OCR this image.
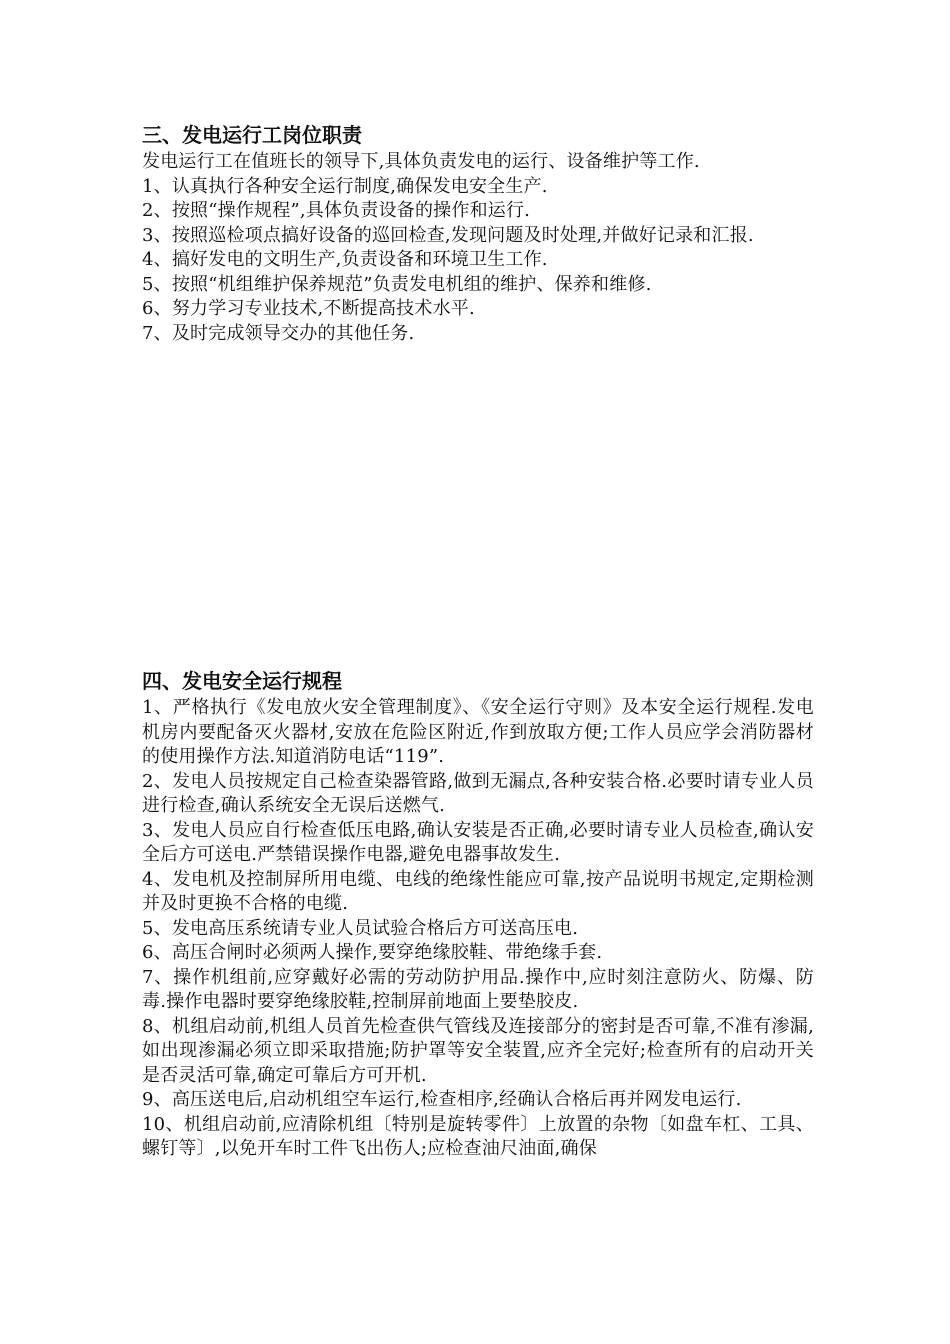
三、发电运行工岗位职责

发电运行工在值班长的领导下,具体负责发电的运行、设备维护等工作.

1、认真执行各种安全运行制度,确保发电安全生产.

2、按照“操作规程”,具体负责设备的操作和运行.

3、按照巡检项点搞好设备的巡回检查,发现问题及时处理,并做好记录和汇报.

4、搞好发电的文明生产,负责设备和环境卫生工作.

5、按照“机组维护保养规范”负责发电机组的维护、保养和维修.

6、努力学习专业技术,不断提高技术水平.

7、及时完成领导交办的其他任务.

四、发电安全运行规程

1、严格执行《发电放火安全管理制度》、《安全运行守则》及本安全运行规程.发电机房内要配备灭火器材,安放在危险区附近,作到放取方便;工作人员应学会消防器材的使用操作方法.知道消防电话“119”.

2、发电人员按规定自己检查染器管路,做到无漏点,各种安装合格.必要时请专业人员进行检查,确认系统安全无误后送燃气.

3、发电人员应自行检查低压电路,确认安装是否正确,必要时请专业人员检查,确认安全后方可送电.严禁错误操作电器,避免电器事故发生.

4、发电机及控制屏所用电缆、电线的绝缘性能应可靠,按产品说明书规定,定期检测并及时更换不合格的电缆.

5、发电高压系统请专业人员试验合格后方可送高压电.

6、高压合闸时必须两人操作,要穿绝缘胶鞋、带绝缘手套.

7、操作机组前,应穿戴好必需的劳动防护用品.操作中,应时刻注意防火、防爆、防毒.操作电器时要穿绝缘胶鞋,控制屏前地面上要垫胶皮.

8、机组启动前,机组人员首先检查供气管线及连接部分的密封是否可靠,不准有渗漏,如出现渗漏必须立即采取措施;防护罩等安全装置,应齐全完好;检查所有的启动开关是否灵活可靠,确定可靠后方可开机.

9、高压送电后,启动机组空车运行,检查相序,经确认合格后再并网发电运行.

10、机组启动前,应清除机组〔特别是旋转零件〕上放置的杂物〔如盘车杠、工具、螺钉等〕,以免开车时工件飞出伤人;应检查油尺油面,确保
